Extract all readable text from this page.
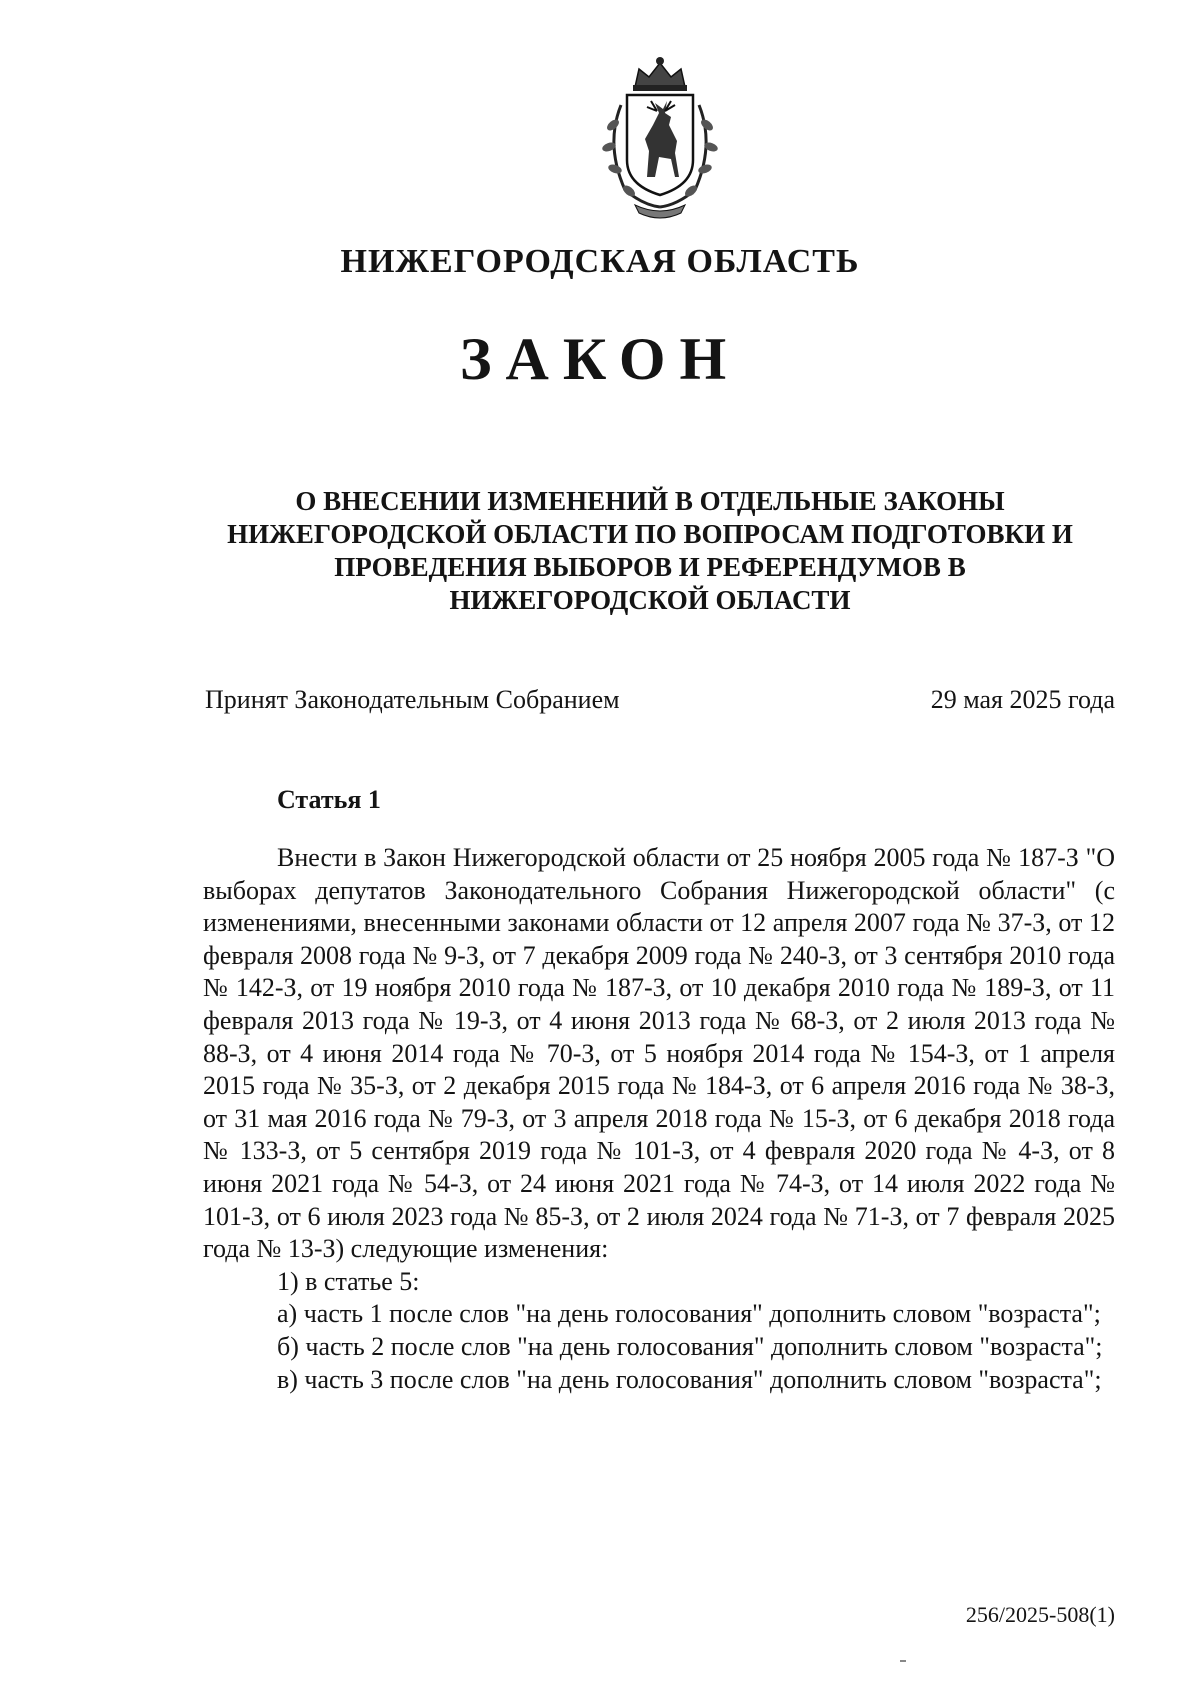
НИЖЕГОРОДСКАЯ ОБЛАСТЬ
ЗАКОН
О ВНЕСЕНИИ ИЗМЕНЕНИЙ В ОТДЕЛЬНЫЕ ЗАКОНЫ
НИЖЕГОРОДСКОЙ ОБЛАСТИ ПО ВОПРОСАМ ПОДГОТОВКИ И
ПРОВЕДЕНИЯ ВЫБОРОВ И РЕФЕРЕНДУМОВ В
НИЖЕГОРОДСКОЙ ОБЛАСТИ
Принят Законодательным Собранием	29 мая 2025 года
Статья 1

Внести в Закон Нижегородской области от 25 ноября 2005 года № 187-З "О выборах депутатов Законодательного Собрания Нижегородской области" (с изменениями, внесенными законами области от 12 апреля 2007 года № 37-З, от 12 февраля 2008 года № 9-З, от 7 декабря 2009 года № 240-З, от 3 сентября 2010 года № 142-З, от 19 ноября 2010 года № 187-З, от 10 декабря 2010 года № 189-З, от 11 февраля 2013 года № 19-З, от 4 июня 2013 года № 68-З, от 2 июля 2013 года № 88-З, от 4 июня 2014 года № 70-З, от 5 ноября 2014 года № 154-З, от 1 апреля 2015 года № 35-З, от 2 декабря 2015 года № 184-З, от 6 апреля 2016 года № 38-З, от 31 мая 2016 года № 79-З, от 3 апреля 2018 года № 15-З, от 6 декабря 2018 года № 133-З, от 5 сентября 2019 года № 101-З, от 4 февраля 2020 года № 4-З, от 8 июня 2021 года № 54-З, от 24 июня 2021 года № 74-З, от 14 июля 2022 года № 101-З, от 6 июля 2023 года № 85-З, от 2 июля 2024 года № 71-З, от 7 февраля 2025 года № 13-З) следующие изменения:

1) в статье 5:

а) часть 1 после слов "на день голосования" дополнить словом "возраста";

б) часть 2 после слов "на день голосования" дополнить словом "возраста";

в) часть 3 после слов "на день голосования" дополнить словом "возраста";

256/2025-508(1)
